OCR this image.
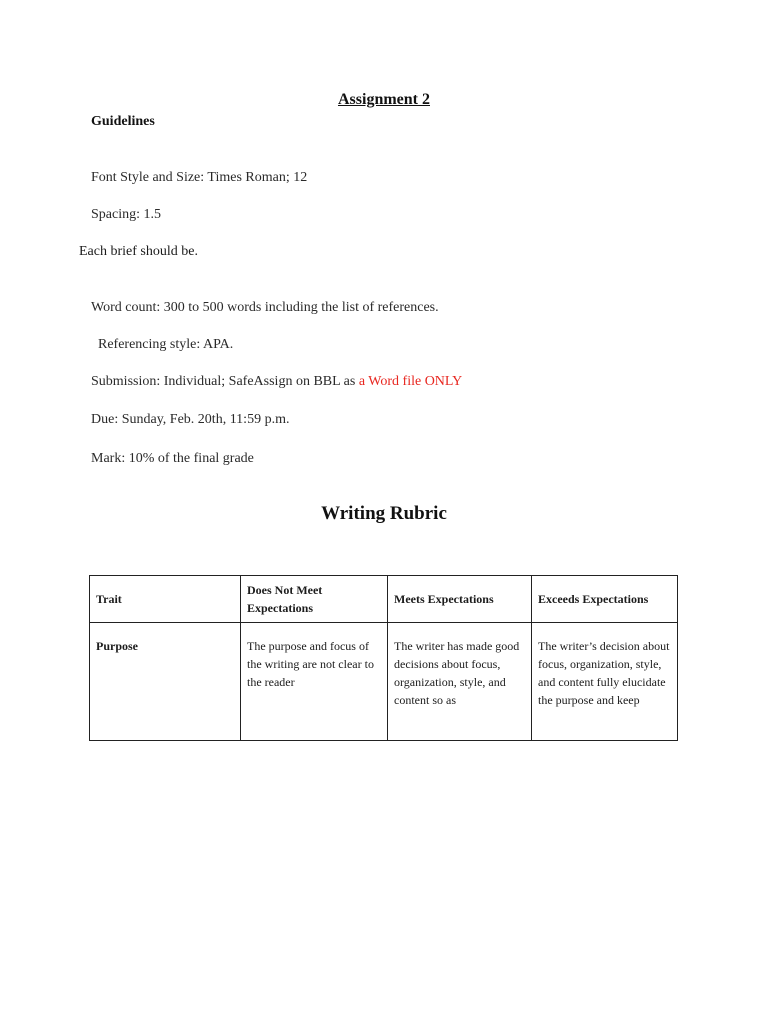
Assignment 2
Guidelines
Font Style and Size: Times Roman; 12
Spacing: 1.5
Each brief should be.
Word count: 300 to 500 words including the list of references.
Referencing style: APA.
Submission: Individual; SafeAssign on BBL as a Word file ONLY
Due: Sunday, Feb. 20th, 11:59 p.m.
Mark: 10% of the final grade
Writing Rubric
Trait	Does Not Meet Expectations	Meets Expectations	Exceeds Expectations

Purpose	The purpose and focus of the writing are not clear to the reader	The writer has made good decisions about focus, organization, style, and content so as	The writer’s decision about focus, organization, style, and content fully elucidate the purpose and keep
